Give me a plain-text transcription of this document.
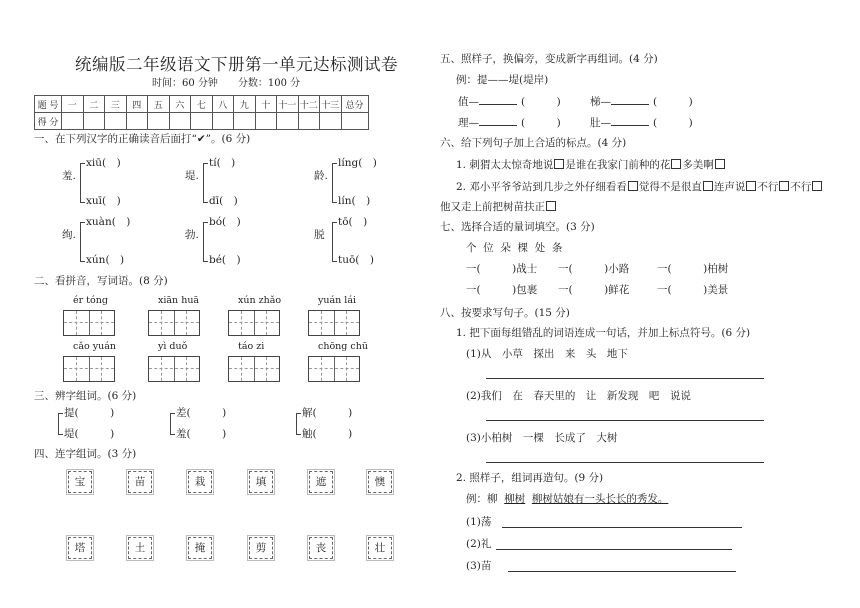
统编版二年级语文下册第一单元达标测试卷
时间：60 分钟　　分数：100 分
题 号	一	二	三	四	五	六	七	八	九	十	十一	十二	十三	总分
得 分														
一、在下列汉字的正确读音后面打“✔”。(6 分)
羞.
xiū(　)
xuī(　)
堤.
tí(　)
dī(　)
龄.
líng(　)
lín(　)
绚.
xuàn(　)
xún(　)
勃.
bó(　)
bé(　)
脱
tō(　)
tuō(　)
二、看拼音，写词语。(8 分)
ér tóng	xiān huā	xún zhǎo	yuán lái
cǎo yuán	yì duǒ	táo zi	chōng chū
三、辨字组词。(6 分)
提(　　　)
堤(　　　)
差(　　　)
羞(　　　)
解(　　　)
触(　　　)
四、连字组词。(3 分)
宝	苗	栽	填	遮	懊
塔	土	掩	剪	丧	壮
五、照样子，换偏旁，变成新字再组词。(4 分)
例：提——堤(堤岸)
值—	(　　　)	梯—	(　　　)
理—	(　　　)	肚—	(　　　)
六、给下列句子加上合适的标点。(4 分)
1. 刺猬太太惊奇地说 是谁在我家门前种的花 多美啊
2. 邓小平爷爷站到几步之外仔细看看 觉得不是很直 连声说 不行 不行
他又走上前把树苗扶正
七、选择合适的量词填空。(3 分)
个  位  朵  棵  处  条
一(　　　)战士 一(　　　)小路	一(　　　)柏树
一(　　　)包裹 一(　　　)鲜花	一(　　　)美景
八、按要求写句子。(15 分)
1. 把下面每组错乱的词语连成一句话，并加上标点符号。(6 分)
(1)从　小草　探出　来　头　地下
(2)我们　在　春天里的　让　新发现　吧　说说
(3)小柏树　一棵　长成了　大树
2. 照样子，组词再造句。(9 分)
例：柳 柳树 柳树姑娘有一头长长的秀发。
(1)荡
(2)礼
(3)苗
